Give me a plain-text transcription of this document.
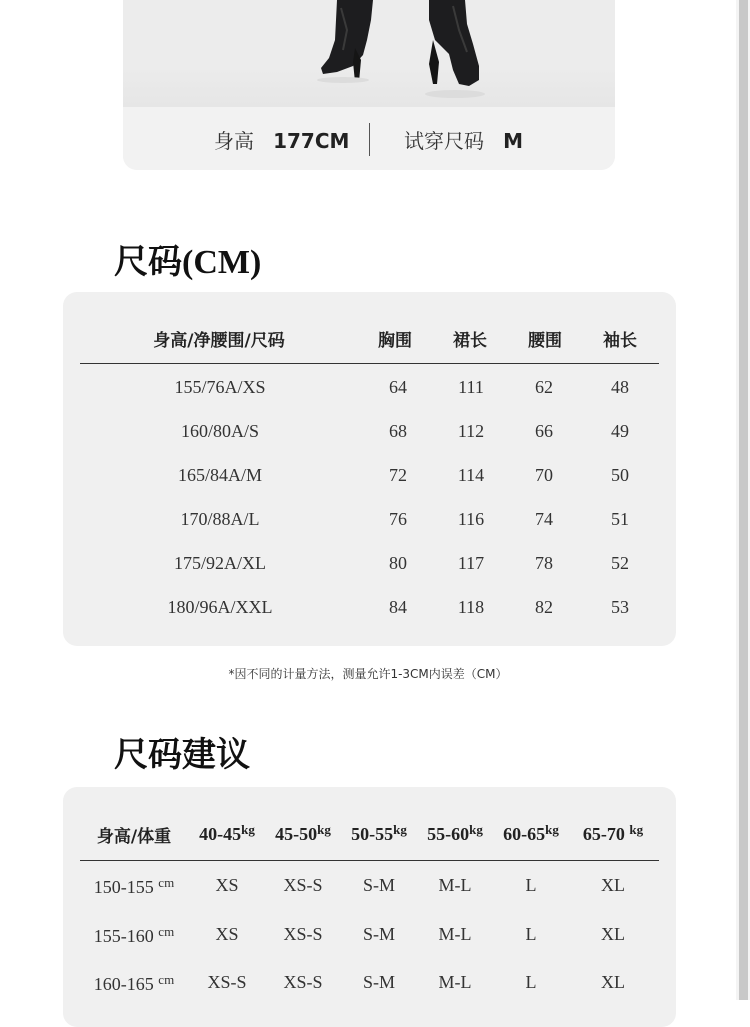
身高 177CM	试穿尺码 M
尺码(CM)
身高/净腰围/尺码	胸围 裙长 腰围 袖长
155/76A/XS	64	111	62	48
160/80A/S	68	112	66	49
165/84A/M	72	114	70	50
170/88A/L	76	116	74	51
175/92A/XL	80	117	78	52
180/96A/XXL	84	118	82	53
*因不同的计量方法，测量允许1-3CM内误差（CM）
尺码建议
身高/体重 $40-45^{kg}$ $45-50^{kg}$ $50-55^{kg}$ $55-60^{kg}$ $60-65^{kg}$ 65-70 $^{kg}$
150-155 $^{cm}$ XS XS-S S-M M-L	L	XL
155-160 $^{cm}$ XS XS-S S-M M-L	L	XL
160-165 $^{cm}$ XS-S XS-S S-M M-L	L	XL
